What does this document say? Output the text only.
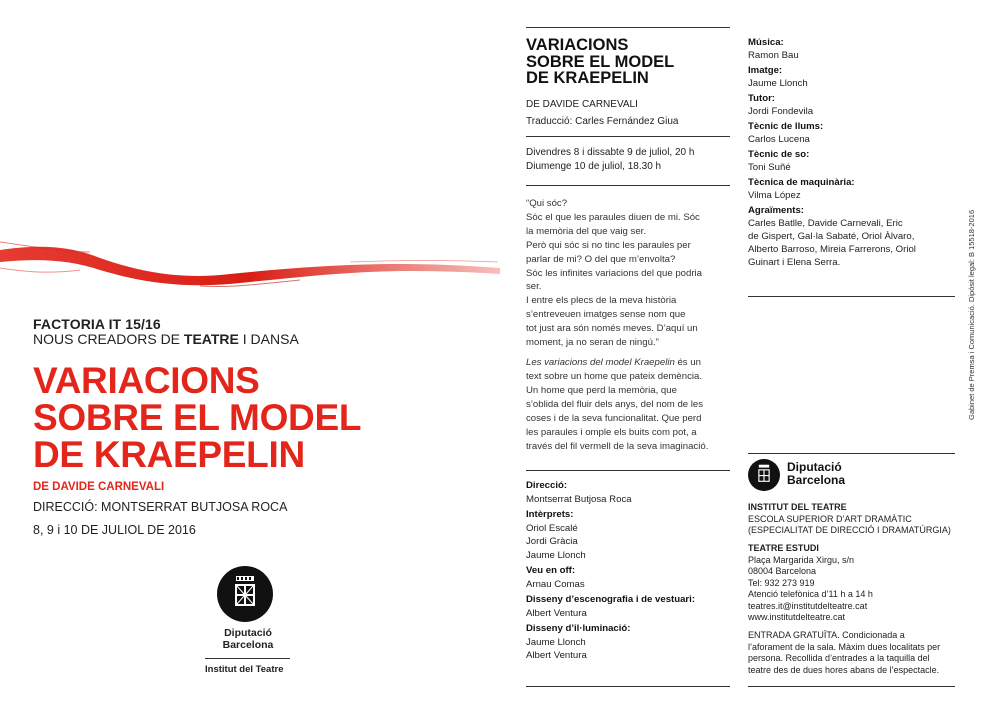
FACTORIA IT 15/16
NOUS CREADORS DE TEATRE I DANSA
VARIACIONS
SOBRE EL MODEL
DE KRAEPELIN
DE DAVIDE CARNEVALI
DIRECCIÓ: MONTSERRAT BUTJOSA ROCA
8, 9 i 10 DE JULIOL DE 2016
Diputació
Barcelona
Institut del Teatre
VARIACIONS
SOBRE EL MODEL
DE KRAEPELIN
DE DAVIDE CARNEVALI
Traducció: Carles Fernández Giua
Divendres 8 i dissabte 9 de juliol, 20 h
Diumenge 10 de juliol, 18.30 h
“Qui sóc?
Sóc el que les paraules diuen de mi. Sóc
la memòria del que vaig ser.
Però qui sóc si no tinc les paraules per
parlar de mi? O del que m’envolta?
Sóc les infinites variacions del que podria
ser.
I entre els plecs de la meva història
s’entreveuen imatges sense nom que
tot just ara són només meves. D’aquí un
moment, ja no seran de ningú.”
Les variacions del model Kraepelin és un
text sobre un home que pateix demència.
Un home que perd la memòria, que
s’oblida del fluir dels anys, del nom de les
coses i de la seva funcionalitat. Que perd
les paraules i omple els buits com pot, a
través del fil vermell de la seva imaginació.
Direcció:
Montserrat Butjosa Roca
Intèrprets:
Oriol Escalé
Jordi Gràcia
Jaume Llonch
Veu en off:
Arnau Comas
Disseny d’escenografia i de vestuari:
Albert Ventura
Disseny d’il·luminació:
Jaume Llonch
Albert Ventura
Música:
Ramon Bau
Imatge:
Jaume Llonch
Tutor:
Jordi Fondevila
Tècnic de llums:
Carlos Lucena
Tècnic de so:
Toni Suñé
Tècnica de maquinària:
Vilma López
Agraïments:
Carles Batlle, Davide Carnevali, Eric
de Gispert, Gal·la Sabaté, Oriol Àlvaro,
Alberto Barroso, Mireia Farrerons, Oriol
Guinart i Elena Serra.
Diputació
Barcelona
INSTITUT DEL TEATRE
ESCOLA SUPERIOR D’ART DRAMÀTIC
(ESPECIALITAT DE DIRECCIÓ I DRAMATÚRGIA)
TEATRE ESTUDI
Plaça Margarida Xirgu, s/n
08004 Barcelona
Tel: 932 273 919
Atenció telefònica d’11 h a 14 h
teatres.it@institutdelteatre.cat
www.institutdelteatre.cat
ENTRADA GRATUÏTA. Condicionada a
l’aforament de la sala. Màxim dues localitats per
persona. Recollida d’entrades a la taquilla del
teatre des de dues hores abans de l’espectacle.
Gabinet de Premsa i Comunicació. Dipòsit legal: B 15518-2016
